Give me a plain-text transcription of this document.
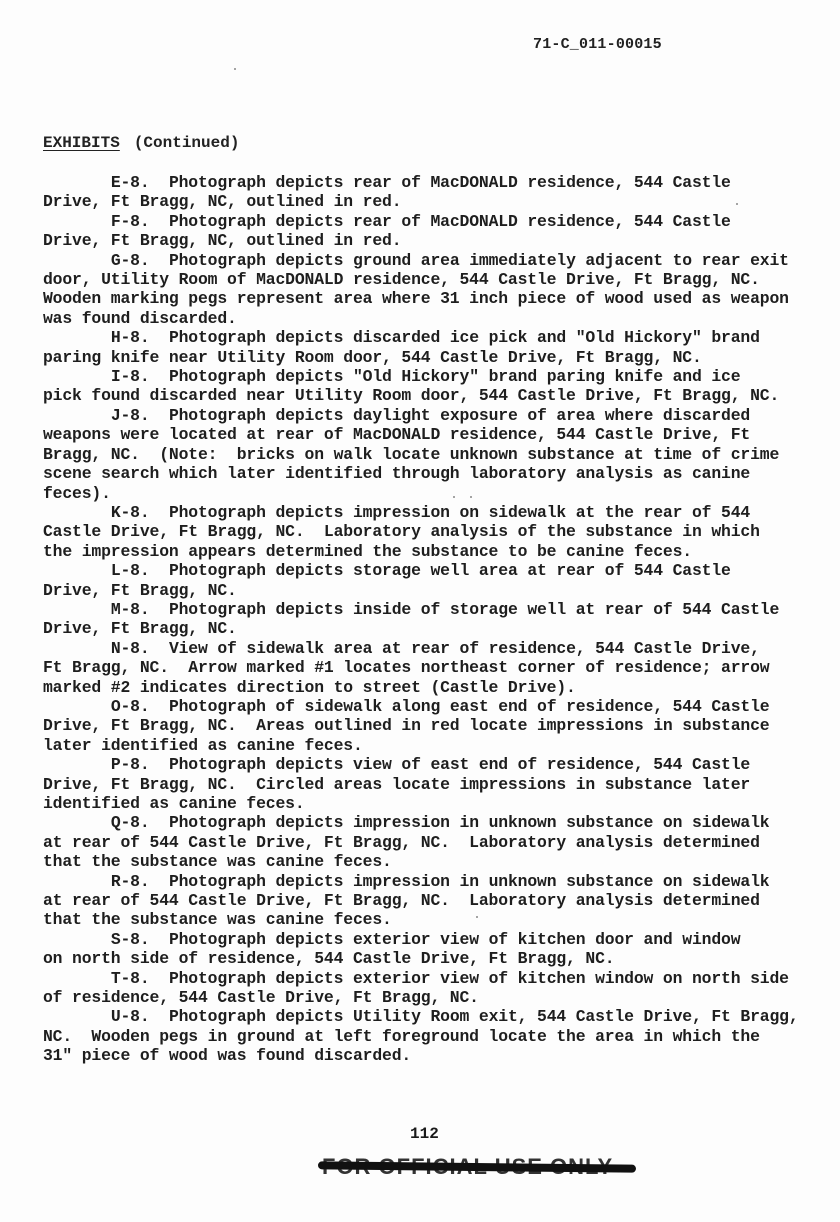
71-C_011-00015
EXHIBITS (Continued)
E-8. Photograph depicts rear of MacDONALD residence, 544 Castle
Drive, Ft Bragg, NC, outlined in red.
F-8. Photograph depicts rear of MacDONALD residence, 544 Castle
Drive, Ft Bragg, NC, outlined in red.
G-8. Photograph depicts ground area immediately adjacent to rear exit
door, Utility Room of MacDONALD residence, 544 Castle Drive, Ft Bragg, NC.
Wooden marking pegs represent area where 31 inch piece of wood used as weapon
was found discarded.
H-8. Photograph depicts discarded ice pick and "Old Hickory" brand
paring knife near Utility Room door, 544 Castle Drive, Ft Bragg, NC.
I-8. Photograph depicts "Old Hickory" brand paring knife and ice
pick found discarded near Utility Room door, 544 Castle Drive, Ft Bragg, NC.
J-8. Photograph depicts daylight exposure of area where discarded
weapons were located at rear of MacDONALD residence, 544 Castle Drive, Ft
Bragg, NC.  (Note:  bricks on walk locate unknown substance at time of crime
scene search which later identified through laboratory analysis as canine
feces).
K-8. Photograph depicts impression on sidewalk at the rear of 544
Castle Drive, Ft Bragg, NC.  Laboratory analysis of the substance in which
the impression appears determined the substance to be canine feces.
L-8. Photograph depicts storage well area at rear of 544 Castle
Drive, Ft Bragg, NC.
M-8. Photograph depicts inside of storage well at rear of 544 Castle
Drive, Ft Bragg, NC.
N-8. View of sidewalk area at rear of residence, 544 Castle Drive,
Ft Bragg, NC.  Arrow marked #1 locates northeast corner of residence; arrow
marked #2 indicates direction to street (Castle Drive).
O-8. Photograph of sidewalk along east end of residence, 544 Castle
Drive, Ft Bragg, NC.  Areas outlined in red locate impressions in substance
later identified as canine feces.
P-8. Photograph depicts view of east end of residence, 544 Castle
Drive, Ft Bragg, NC.  Circled areas locate impressions in substance later
identified as canine feces.
Q-8. Photograph depicts impression in unknown substance on sidewalk
at rear of 544 Castle Drive, Ft Bragg, NC.  Laboratory analysis determined
that the substance was canine feces.
R-8. Photograph depicts impression in unknown substance on sidewalk
at rear of 544 Castle Drive, Ft Bragg, NC.  Laboratory analysis determined
that the substance was canine feces.
S-8. Photograph depicts exterior view of kitchen door and window
on north side of residence, 544 Castle Drive, Ft Bragg, NC.
T-8. Photograph depicts exterior view of kitchen window on north side
of residence, 544 Castle Drive, Ft Bragg, NC.
U-8. Photograph depicts Utility Room exit, 544 Castle Drive, Ft Bragg,
NC.  Wooden pegs in ground at left foreground locate the area in which the
31" piece of wood was found discarded.
112
